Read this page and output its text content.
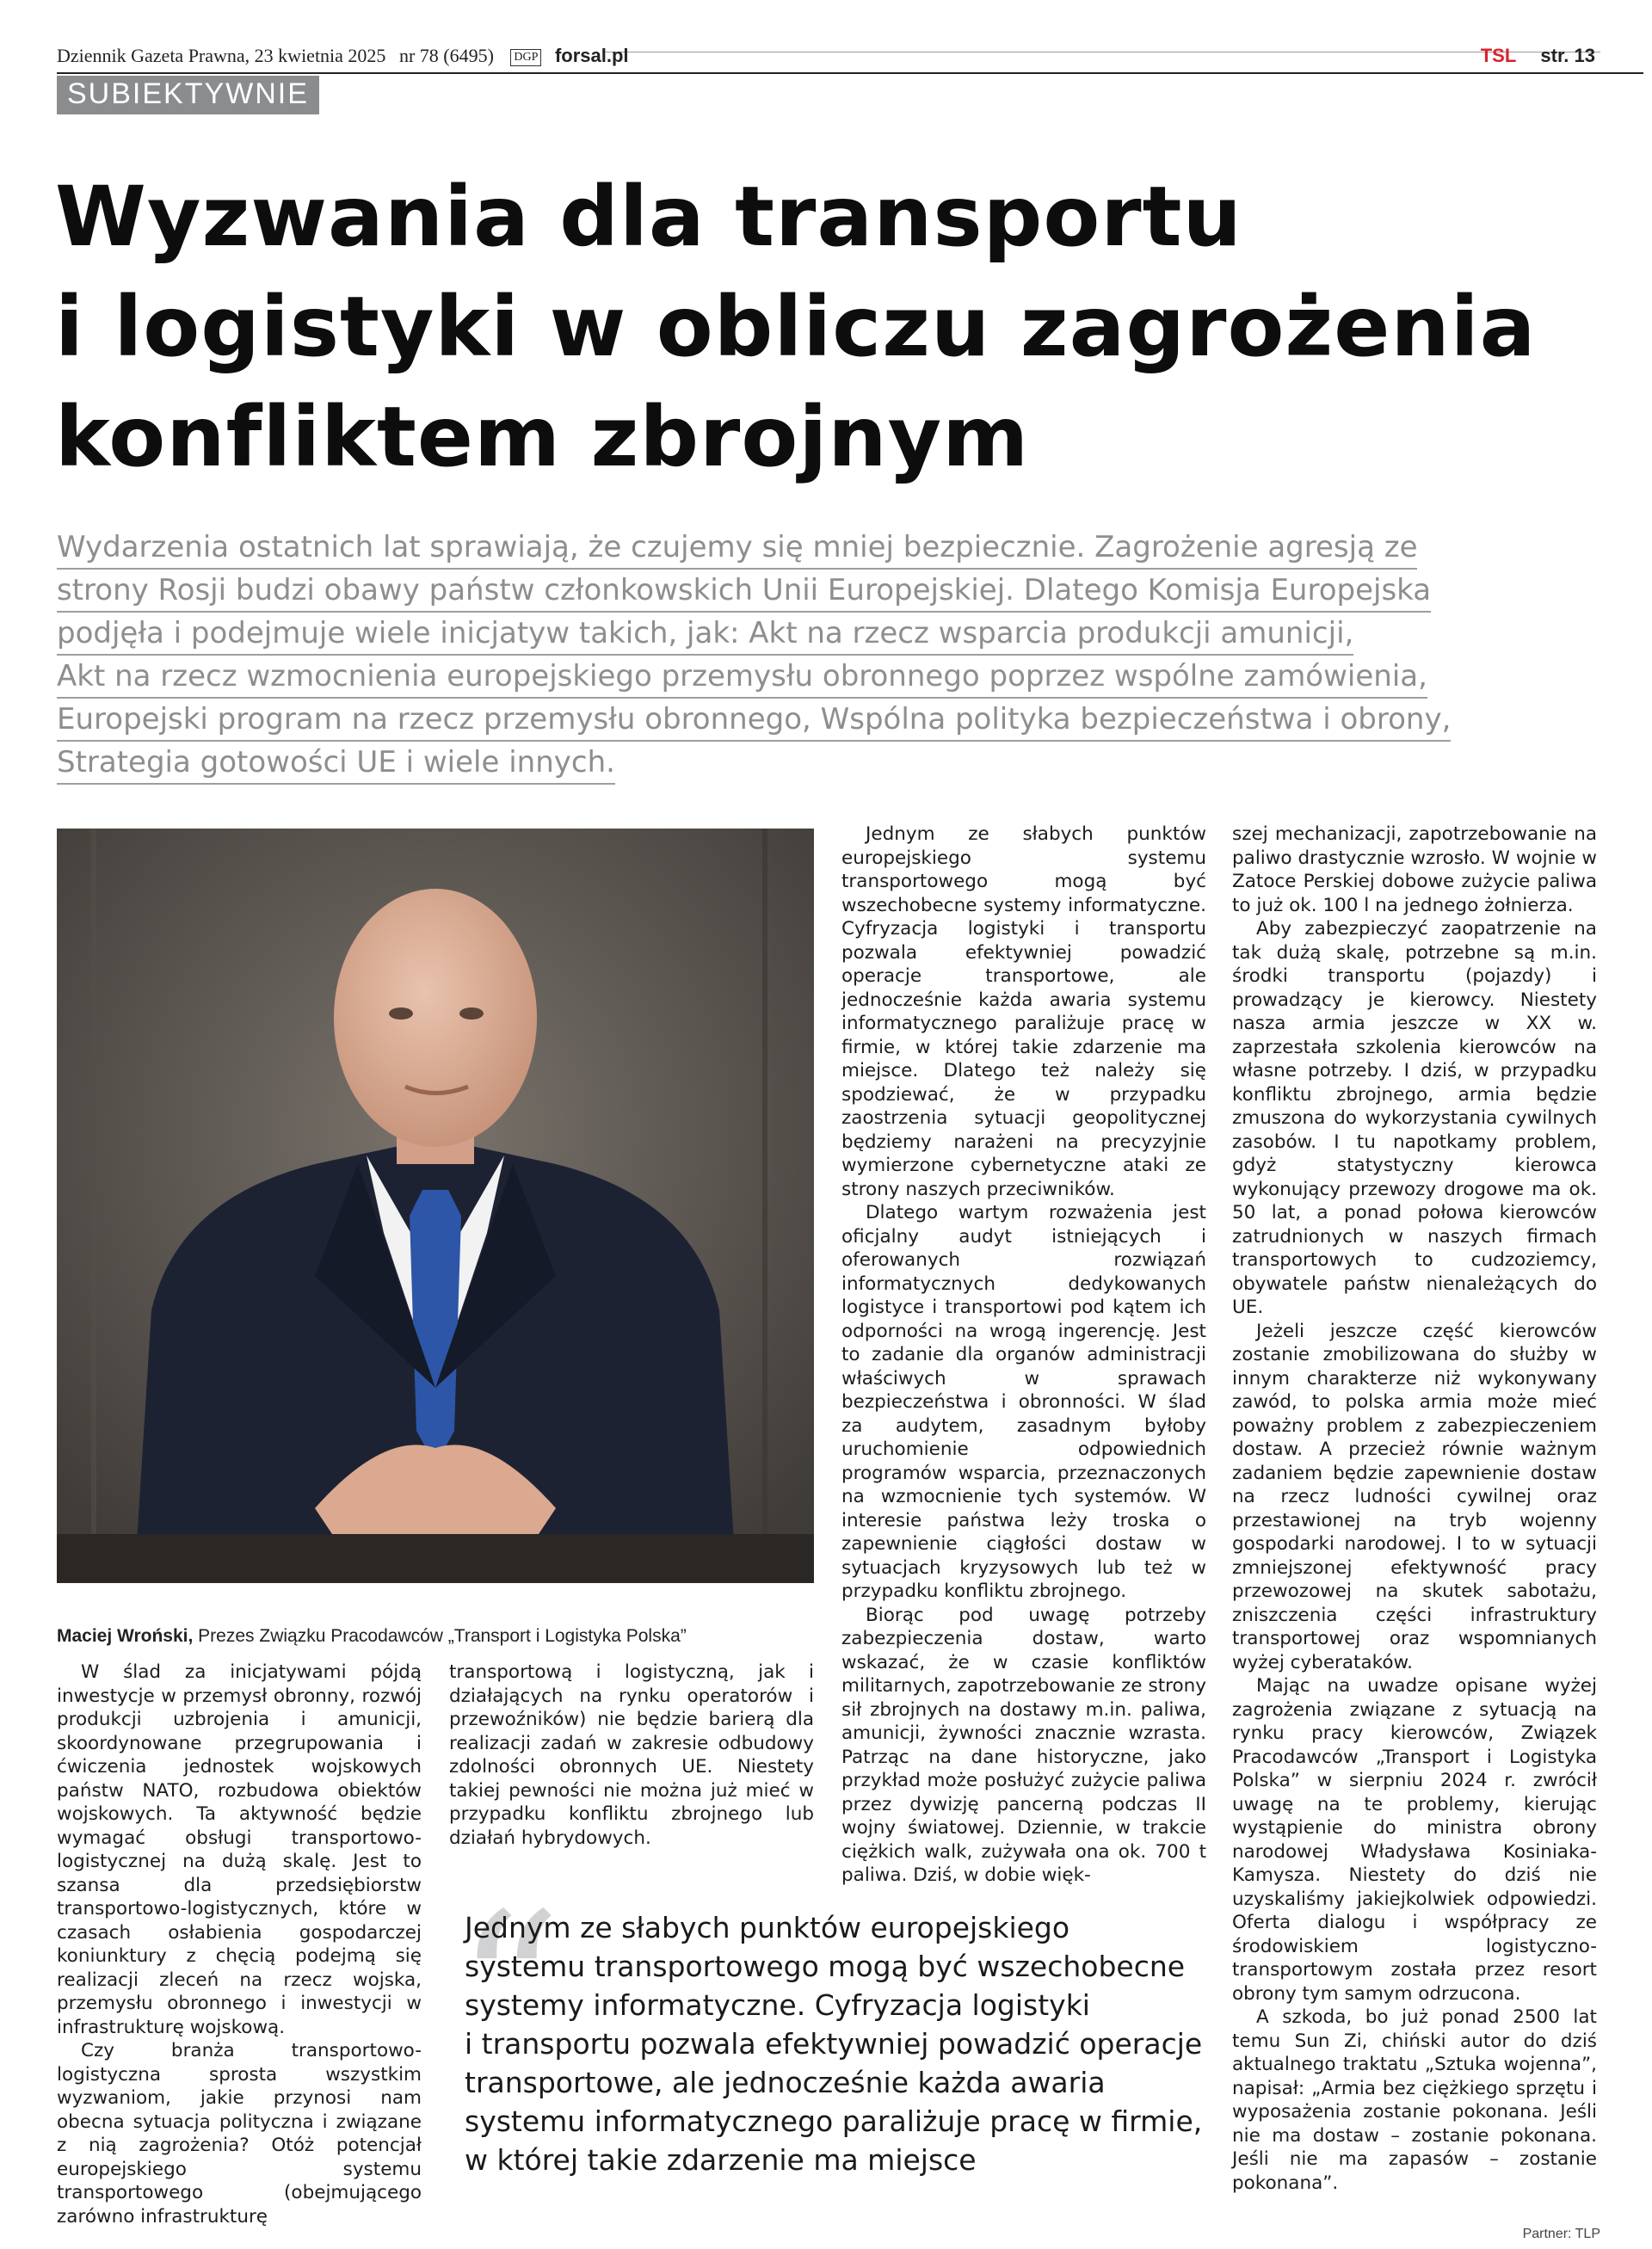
Dziennik Gazeta Prawna, 23 kwietnia 2025 nr 78 (6495) DGP forsal.pl	TSL str. 13
SUBIEKTYWNIE
Wyzwania dla transportu
i logistyki w obliczu zagrożenia
konfliktem zbrojnym
Wydarzenia ostatnich lat sprawiają, że czujemy się mniej bezpiecznie. Zagrożenie agresją ze
strony Rosji budzi obawy państw członkowskich Unii Europejskiej. Dlatego Komisja Europejska
podjęła i podejmuje wiele inicjatyw takich, jak: Akt na rzecz wsparcia produkcji amunicji,
Akt na rzecz wzmocnienia europejskiego przemysłu obronnego poprzez wspólne zamówienia,
Europejski program na rzecz przemysłu obronnego, Wspólna polityka bezpieczeństwa i obrony,
Strategia gotowości UE i wiele innych.
Maciej Wroński, Prezes Związku Pracodawców „Transport i Logistyka Polska”

W ślad za inicjatywami pójdą inwestycje w przemysł obronny, rozwój produkcji uzbrojenia i amunicji, skoordynowane przegrupowania i ćwiczenia jednostek wojskowych państw NATO, rozbudowa obiektów wojskowych. Ta aktywność będzie wymagać obsługi transportowo-logistycznej na dużą skalę. Jest to szansa dla przedsiębiorstw transportowo-logistycznych, które w czasach osłabienia gospodarczej koniunktury z chęcią podejmą się realizacji zleceń na rzecz wojska, przemysłu obronnego i inwestycji w infrastrukturę wojskową.

Czy branża transportowo-logistyczna sprosta wszystkim wyzwaniom, jakie przynosi nam obecna sytuacja polityczna i związane z nią zagrożenia? Otóż potencjał europejskiego systemu transportowego (obejmującego zarówno infrastrukturę

transportową i logistyczną, jak i działających na rynku operatorów i przewoźników) nie będzie barierą dla realizacji zadań w zakresie odbudowy zdolności obronnych UE. Niestety takiej pewności nie można już mieć w przypadku konfliktu zbrojnego lub działań hybrydowych.

Jednym ze słabych punktów europejskiego systemu transportowego mogą być wszechobecne systemy informatyczne. Cyfryzacja logistyki i transportu pozwala efektywniej powadzić operacje transportowe, ale jednocześnie każda awaria systemu informatycznego paraliżuje pracę w firmie, w której takie zdarzenie ma miejsce. Dlatego też należy się spodziewać, że w przypadku zaostrzenia sytuacji geopolitycznej będziemy narażeni na precyzyjnie wymierzone cybernetyczne ataki ze strony naszych przeciwników.

Dlatego wartym rozważenia jest oficjalny audyt istniejących i oferowanych rozwiązań informatycznych dedykowanych logistyce i transportowi pod kątem ich odporności na wrogą ingerencję. Jest to zadanie dla organów administracji właściwych w sprawach bezpieczeństwa i obronności. W ślad za audytem, zasadnym byłoby uruchomienie odpowiednich programów wsparcia, przeznaczonych na wzmocnienie tych systemów. W interesie państwa leży troska o zapewnienie ciągłości dostaw w sytuacjach kryzysowych lub też w przypadku konfliktu zbrojnego.

Biorąc pod uwagę potrzeby zabezpieczenia dostaw, warto wskazać, że w czasie konfliktów militarnych, zapotrzebowanie ze strony sił zbrojnych na dostawy m.in. paliwa, amunicji, żywności znacznie wzrasta. Patrząc na dane historyczne, jako przykład może posłużyć zużycie paliwa przez dywizję pancerną podczas II wojny światowej. Dziennie, w trakcie ciężkich walk, zużywała ona ok. 700 t paliwa. Dziś, w dobie więk-

szej mechanizacji, zapotrzebowanie na paliwo drastycznie wzrosło. W wojnie w Zatoce Perskiej dobowe zużycie paliwa to już ok. 100 l na jednego żołnierza.

Aby zabezpieczyć zaopatrzenie na tak dużą skalę, potrzebne są m.in. środki transportu (pojazdy) i prowadzący je kierowcy. Niestety nasza armia jeszcze w XX w. zaprzestała szkolenia kierowców na własne potrzeby. I dziś, w przypadku konfliktu zbrojnego, armia będzie zmuszona do wykorzystania cywilnych zasobów. I tu napotkamy problem, gdyż statystyczny kierowca wykonujący przewozy drogowe ma ok. 50 lat, a ponad połowa kierowców zatrudnionych w naszych firmach transportowych to cudzoziemcy, obywatele państw nienależących do UE.

Jeżeli jeszcze część kierowców zostanie zmobilizowana do służby w innym charakterze niż wykonywany zawód, to polska armia może mieć poważny problem z zabezpieczeniem dostaw. A przecież równie ważnym zadaniem będzie zapewnienie dostaw na rzecz ludności cywilnej oraz przestawionej na tryb wojenny gospodarki narodowej. I to w sytuacji zmniejszonej efektywność pracy przewozowej na skutek sabotażu, zniszczenia części infrastruktury transportowej oraz wspomnianych wyżej cyberataków.

Mając na uwadze opisane wyżej zagrożenia związane z sytuacją na rynku pracy kierowców, Związek Pracodawców „Transport i Logistyka Polska” w sierpniu 2024 r. zwrócił uwagę na te problemy, kierując wystąpienie do ministra obrony narodowej Władysława Kosiniaka-Kamysza. Niestety do dziś nie uzyskaliśmy jakiejkolwiek odpowiedzi. Oferta dialogu i współpracy ze środowiskiem logistyczno-transportowym została przez resort obrony tym samym odrzucona.

A szkoda, bo już ponad 2500 lat temu Sun Zi, chiński autor do dziś aktualnego traktatu „Sztuka wojenna”, napisał: „Armia bez ciężkiego sprzętu i wyposażenia zostanie pokonana. Jeśli nie ma dostaw – zostanie pokonana. Jeśli nie ma zapasów – zostanie pokonana”.

“
Jednym ze słabych punktów europejskiego
systemu transportowego mogą być wszechobecne
systemy informatyczne. Cyfryzacja logistyki
i transportu pozwala efektywniej powadzić operacje
transportowe, ale jednocześnie każda awaria
systemu informatycznego paraliżuje pracę w firmie,
w której takie zdarzenie ma miejsce
Partner: TLP
